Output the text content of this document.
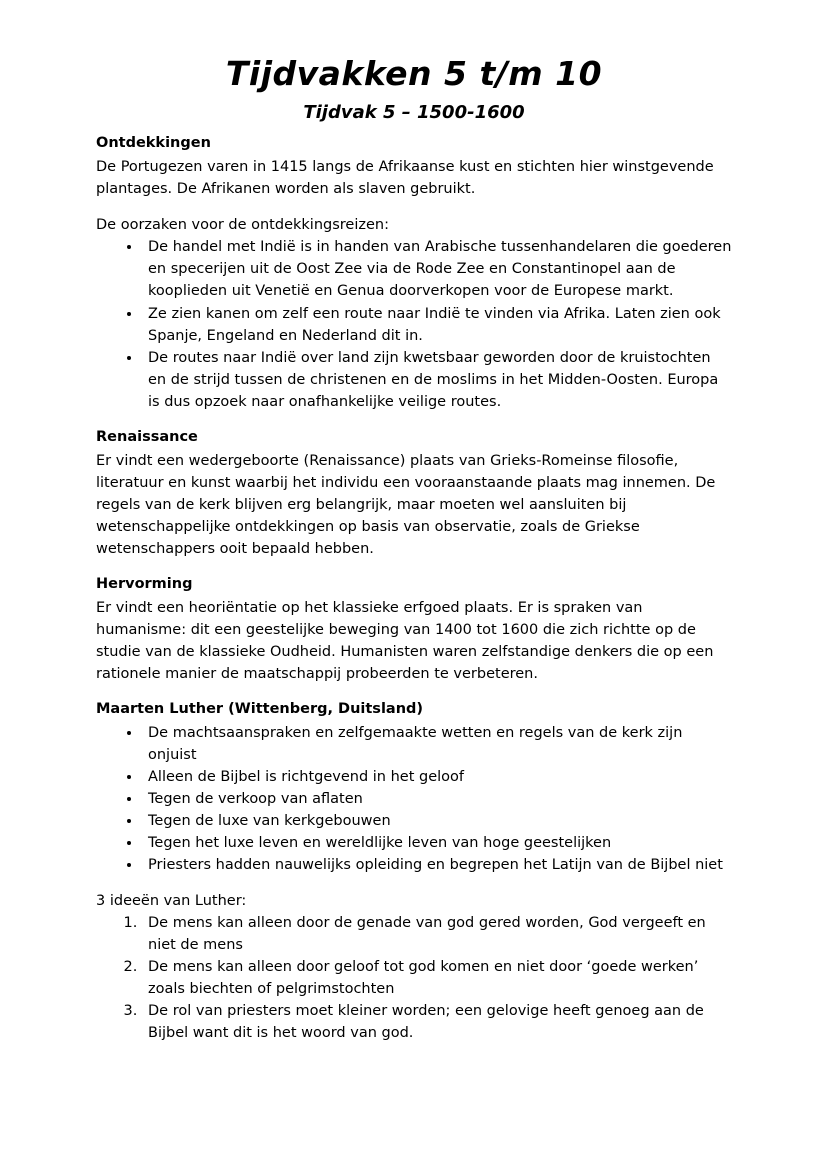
Tijdvakken 5 t/m 10
Tijdvak 5 – 1500-1600
Ontdekkingen

De Portugezen varen in 1415 langs de Afrikaanse kust en stichten hier winstgevende plantages. De Afrikanen worden als slaven gebruikt.

De oorzaken voor de ontdekkingsreizen:

• De handel met Indië is in handen van Arabische tussenhandelaren die goederen en specerijen uit de Oost Zee via de Rode Zee en Constantinopel aan de kooplieden uit Venetië en Genua doorverkopen voor de Europese markt.
• Ze zien kanen om zelf een route naar Indië te vinden via Afrika. Laten zien ook Spanje, Engeland en Nederland dit in.
• De routes naar Indië over land zijn kwetsbaar geworden door de kruistochten en de strijd tussen de christenen en de moslims in het Midden-Oosten. Europa is dus opzoek naar onafhankelijke veilige routes.
Renaissance

Er vindt een wedergeboorte (Renaissance) plaats van Grieks-Romeinse filosofie, literatuur en kunst waarbij het individu een vooraanstaande plaats mag innemen. De regels van de kerk blijven erg belangrijk, maar moeten wel aansluiten bij wetenschappelijke ontdekkingen op basis van observatie, zoals de Griekse wetenschappers ooit bepaald hebben.

Hervorming

Er vindt een heoriëntatie op het klassieke erfgoed plaats. Er is spraken van humanisme: dit een geestelijke beweging van 1400 tot 1600 die zich richtte op de studie van de klassieke Oudheid. Humanisten waren zelfstandige denkers die op een rationele manier de maatschappij probeerden te verbeteren.

Maarten Luther (Wittenberg, Duitsland)
• De machtsaanspraken en zelfgemaakte wetten en regels van de kerk zijn onjuist
• Alleen de Bijbel is richtgevend in het geloof
• Tegen de verkoop van aflaten
• Tegen de luxe van kerkgebouwen
• Tegen het luxe leven en wereldlijke leven van hoge geestelijken
• Priesters hadden nauwelijks opleiding en begrepen het Latijn van de Bijbel niet

3 ideeën van Luther:

1. De mens kan alleen door de genade van god gered worden, God vergeeft en niet de mens
2. De mens kan alleen door geloof tot god komen en niet door ‘goede werken’ zoals biechten of pelgrimstochten
3. De rol van priesters moet kleiner worden; een gelovige heeft genoeg aan de Bijbel want dit is het woord van god.
